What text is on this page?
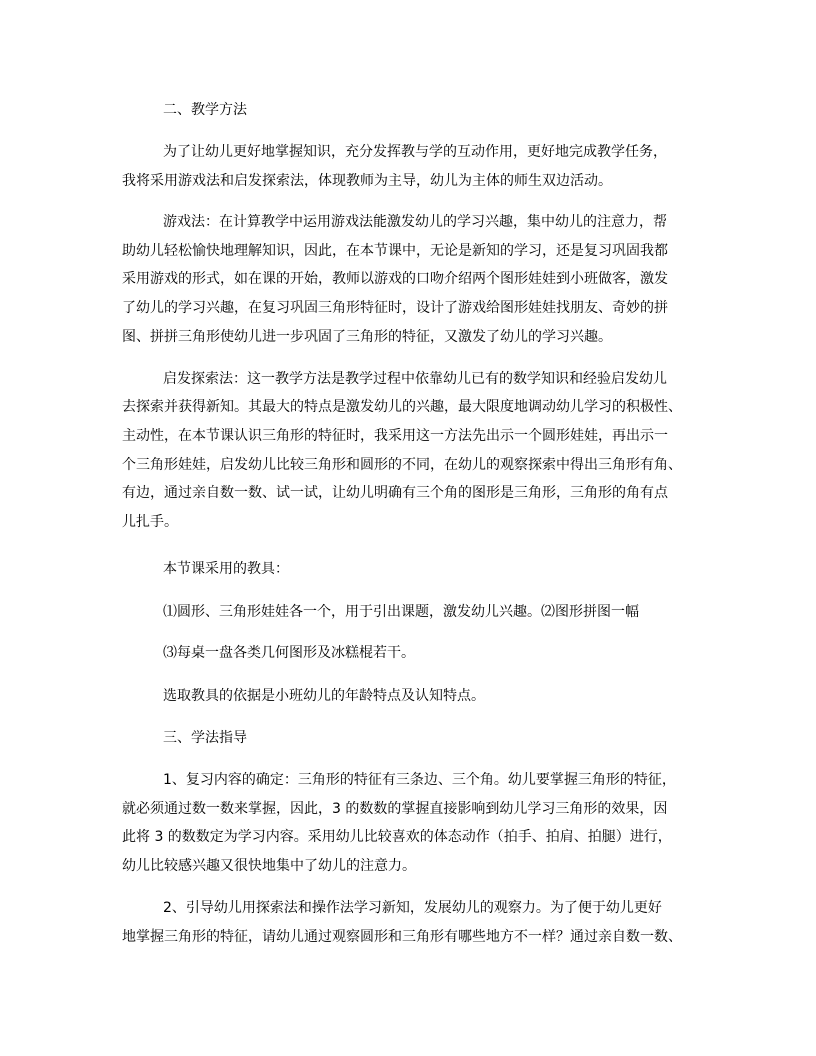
二、教学方法
为了让幼儿更好地掌握知识，充分发挥教与学的互动作用，更好地完成教学任务，
我将采用游戏法和启发探索法，体现教师为主导，幼儿为主体的师生双边活动。
游戏法：在计算教学中运用游戏法能激发幼儿的学习兴趣，集中幼儿的注意力，帮
助幼儿轻松愉快地理解知识，因此，在本节课中，无论是新知的学习，还是复习巩固我都
采用游戏的形式，如在课的开始，教师以游戏的口吻介绍两个图形娃娃到小班做客，激发
了幼儿的学习兴趣，在复习巩固三角形特征时，设计了游戏给图形娃娃找朋友、奇妙的拼
图、拼拼三角形使幼儿进一步巩固了三角形的特征，又激发了幼儿的学习兴趣。
启发探索法：这一教学方法是教学过程中依靠幼儿已有的数学知识和经验启发幼儿
去探索并获得新知。其最大的特点是激发幼儿的兴趣，最大限度地调动幼儿学习的积极性、
主动性，在本节课认识三角形的特征时，我采用这一方法先出示一个圆形娃娃，再出示一
个三角形娃娃，启发幼儿比较三角形和圆形的不同，在幼儿的观察探索中得出三角形有角、
有边，通过亲自数一数、试一试，让幼儿明确有三个角的图形是三角形，三角形的角有点
儿扎手。
本节课采用的教具：
⑴圆形、三角形娃娃各一个，用于引出课题，激发幼儿兴趣。⑵图形拼图一幅
⑶每桌一盘各类几何图形及冰糕棍若干。
选取教具的依据是小班幼儿的年龄特点及认知特点。
三、学法指导
1、复习内容的确定：三角形的特征有三条边、三个角。幼儿要掌握三角形的特征，
就必须通过数一数来掌握，因此，3 的数数的掌握直接影响到幼儿学习三角形的效果，因
此将 3 的数数定为学习内容。采用幼儿比较喜欢的体态动作（拍手、拍肩、拍腿）进行，
幼儿比较感兴趣又很快地集中了幼儿的注意力。
2、引导幼儿用探索法和操作法学习新知，发展幼儿的观察力。为了便于幼儿更好
地掌握三角形的特征，请幼儿通过观察圆形和三角形有哪些地方不一样？通过亲自数一数、
